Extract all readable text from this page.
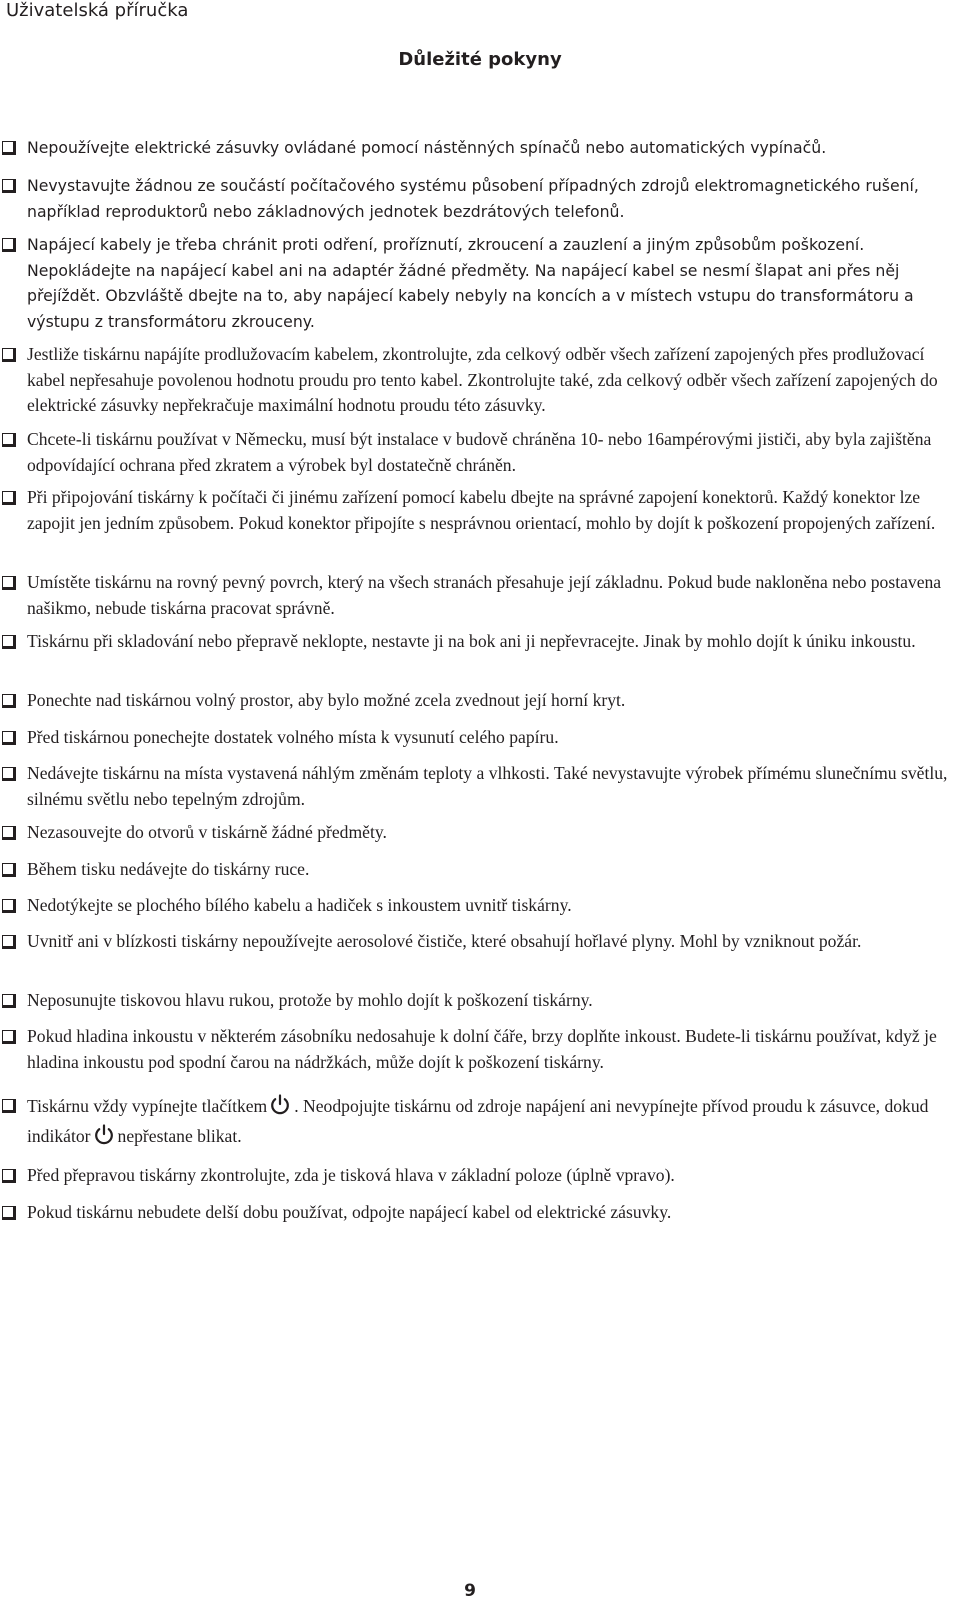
Uživatelská příručka
Důležité pokyny
Nepoužívejte elektrické zásuvky ovládané pomocí nástěnných spínačů nebo automatických vypínačů.
Nevystavujte žádnou ze součástí počítačového systému působení případných zdrojů elektromagnetického rušení, například reproduktorů nebo základnových jednotek bezdrátových telefonů.
Napájecí kabely je třeba chránit proti odření, proříznutí, zkroucení a zauzlení a jiným způsobům poškození. Nepokládejte na napájecí kabel ani na adaptér žádné předměty. Na napájecí kabel se nesmí šlapat ani přes něj přejíždět. Obzvláště dbejte na to, aby napájecí kabely nebyly na koncích a v místech vstupu do transformátoru a výstupu z transformátoru zkrouceny.
Jestliže tiskárnu napájíte prodlužovacím kabelem, zkontrolujte, zda celkový odběr všech zařízení zapojených přes prodlužovací kabel nepřesahuje povolenou hodnotu proudu pro tento kabel. Zkontrolujte také, zda celkový odběr všech zařízení zapojených do elektrické zásuvky nepřekračuje maximální hodnotu proudu této zásuvky.
Chcete-li tiskárnu používat v Německu, musí být instalace v budově chráněna 10- nebo 16ampérovými jističi, aby byla zajištěna odpovídající ochrana před zkratem a výrobek byl dostatečně chráněn.
Při připojování tiskárny k počítači či jinému zařízení pomocí kabelu dbejte na správné zapojení konektorů. Každý konektor lze zapojit jen jedním způsobem. Pokud konektor připojíte s nesprávnou orientací, mohlo by dojít k poškození propojených zařízení.
Umístěte tiskárnu na rovný pevný povrch, který na všech stranách přesahuje její základnu. Pokud bude nakloněna nebo postavena našikmo, nebude tiskárna pracovat správně.
Tiskárnu při skladování nebo přepravě neklopte, nestavte ji na bok ani ji nepřevracejte. Jinak by mohlo dojít k úniku inkoustu.
Ponechte nad tiskárnou volný prostor, aby bylo možné zcela zvednout její horní kryt.
Před tiskárnou ponechejte dostatek volného místa k vysunutí celého papíru.
Nedávejte tiskárnu na místa vystavená náhlým změnám teploty a vlhkosti. Také nevystavujte výrobek přímému slunečnímu světlu, silnému světlu nebo tepelným zdrojům.
Nezasouvejte do otvorů v tiskárně žádné předměty.
Během tisku nedávejte do tiskárny ruce.
Nedotýkejte se plochého bílého kabelu a hadiček s inkoustem uvnitř tiskárny.
Uvnitř ani v blízkosti tiskárny nepoužívejte aerosolové čističe, které obsahují hořlavé plyny. Mohl by vzniknout požár.
Neposunujte tiskovou hlavu rukou, protože by mohlo dojít k poškození tiskárny.
Pokud hladina inkoustu v některém zásobníku nedosahuje k dolní čáře, brzy doplňte inkoust. Budete-li tiskárnu používat, když je hladina inkoustu pod spodní čarou na nádržkách, může dojít k poškození tiskárny.
Tiskárnu vždy vypínejte tlačítkem . Neodpojujte tiskárnu od zdroje napájení ani nevypínejte přívod proudu k zásuvce, dokud indikátor nepřestane blikat.
Před přepravou tiskárny zkontrolujte, zda je tisková hlava v základní poloze (úplně vpravo).
Pokud tiskárnu nebudete delší dobu používat, odpojte napájecí kabel od elektrické zásuvky.
9
